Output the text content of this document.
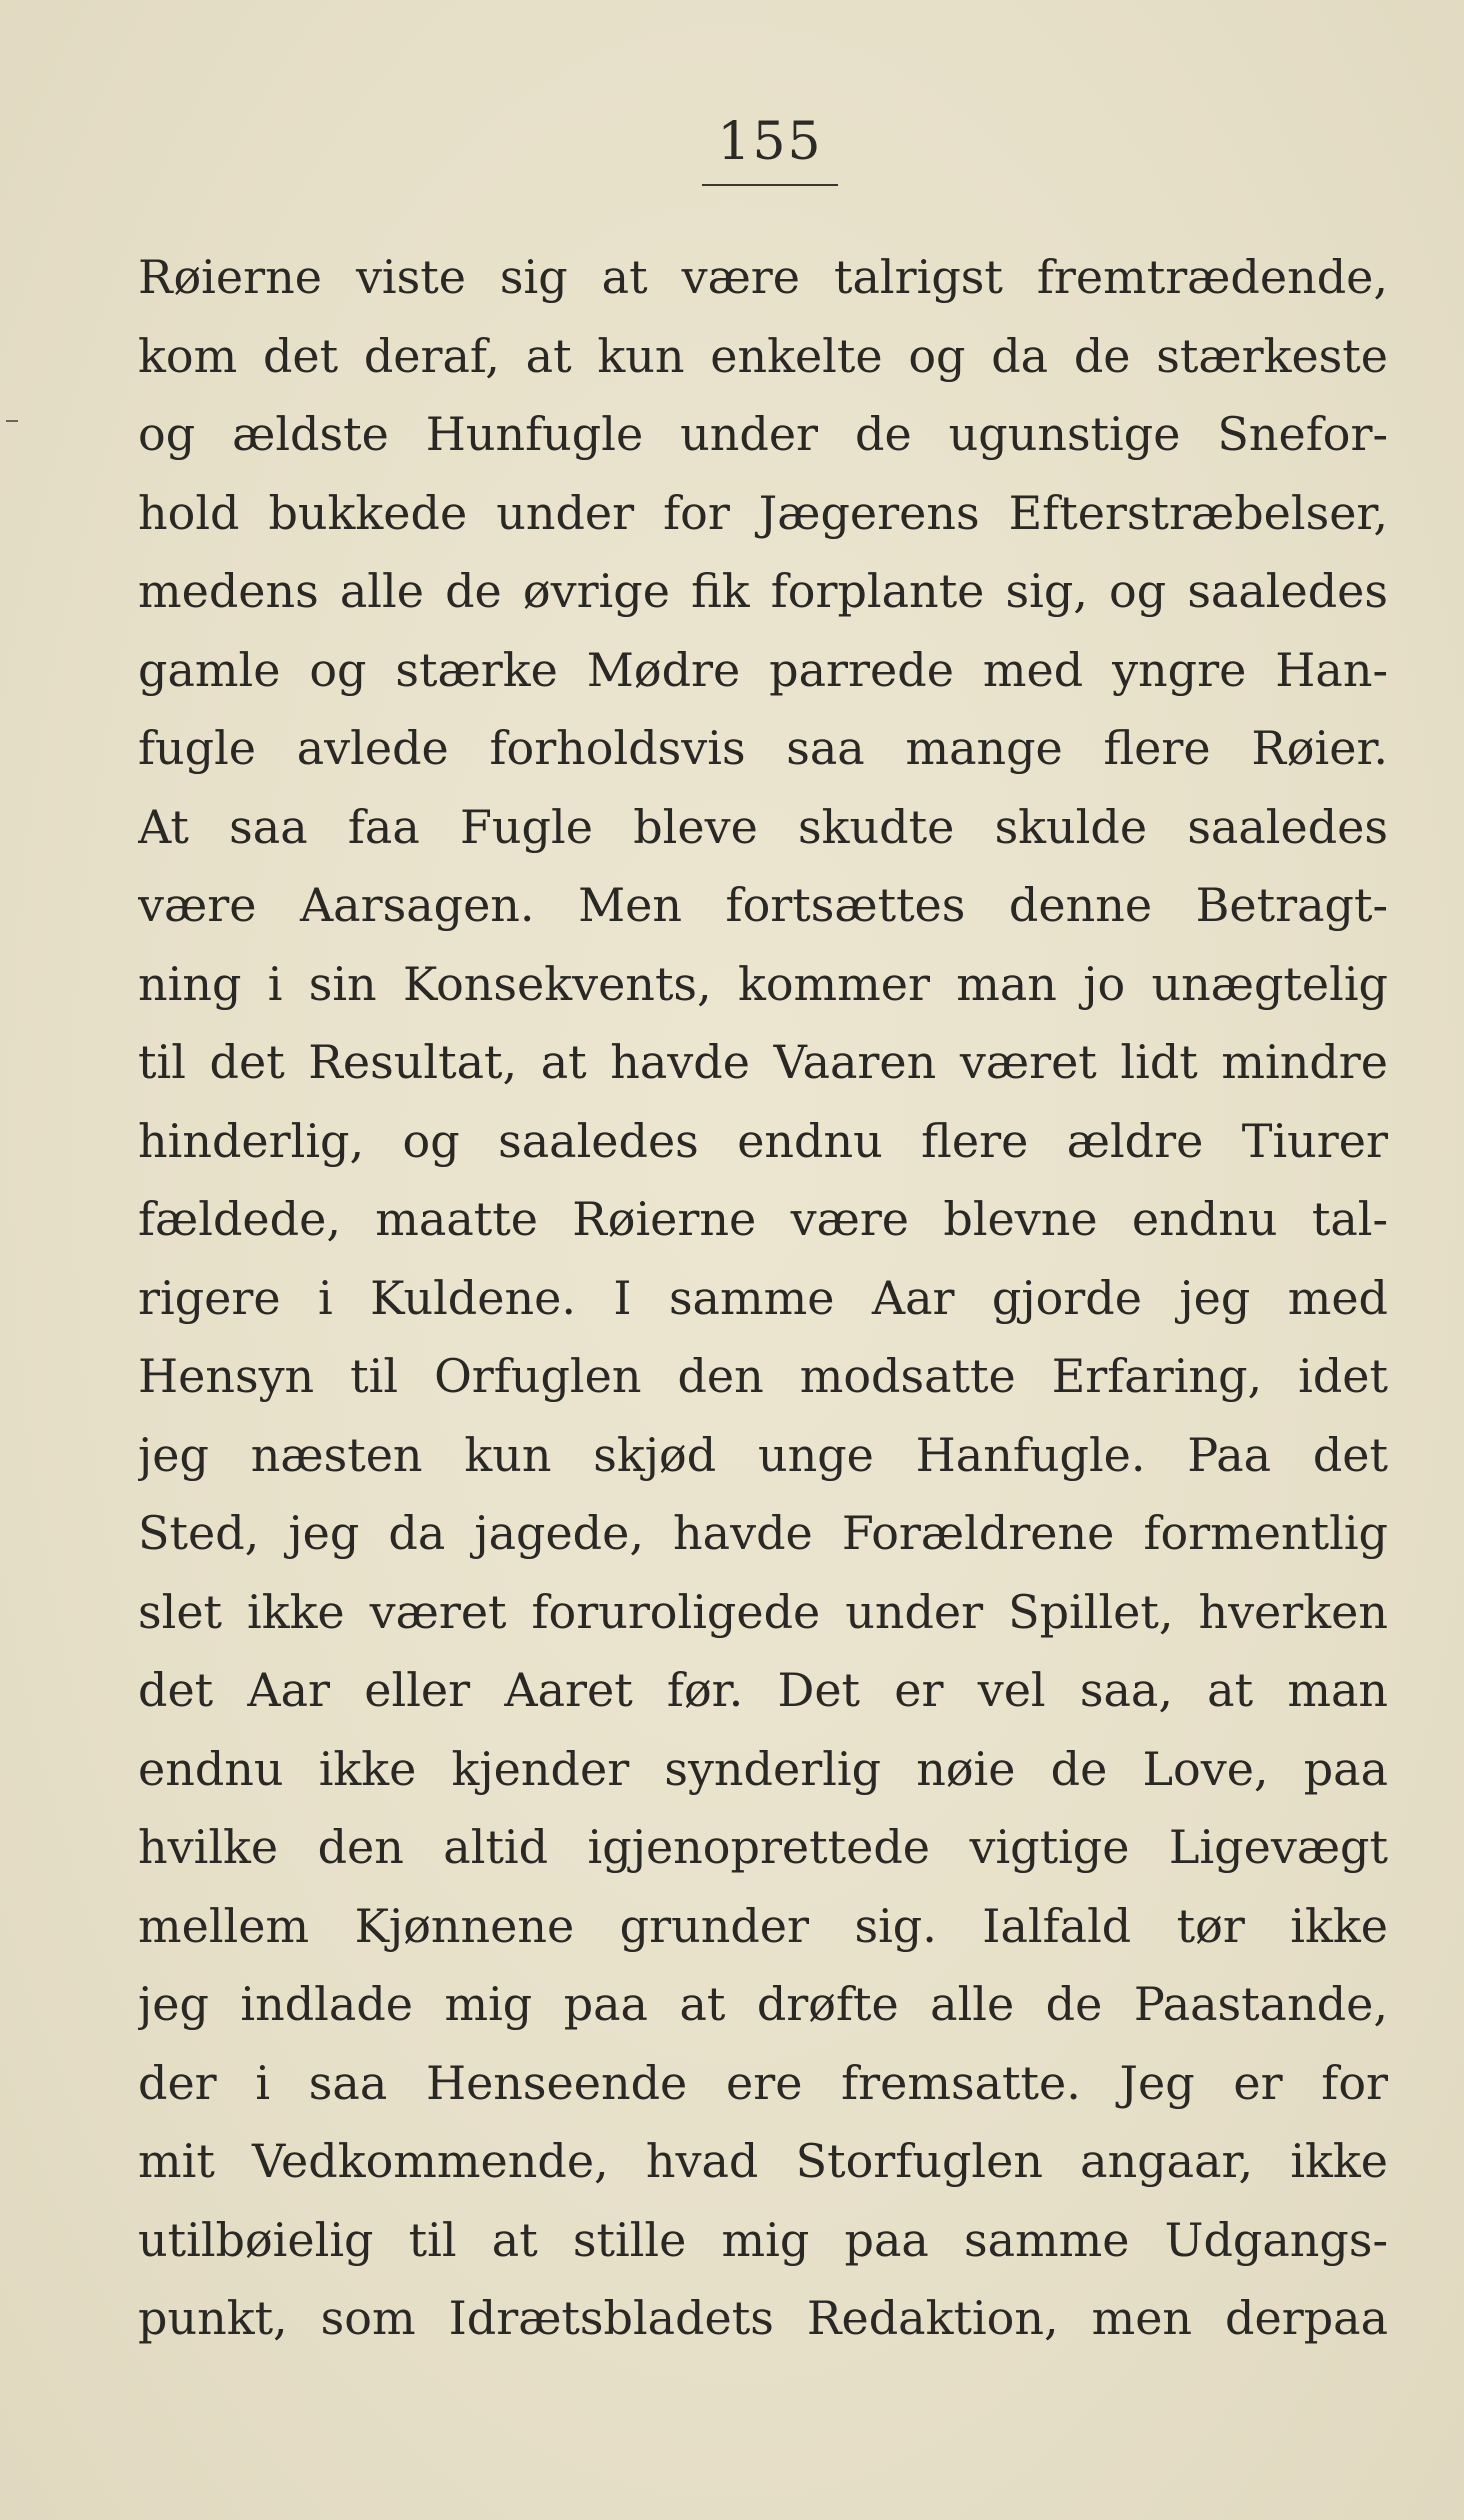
155
Røierne viste sig at være talrigst fremtrædende,
kom det deraf, at kun enkelte og da de stærkeste
og ældste Hunfugle under de ugunstige Snefor-
hold bukkede under for Jægerens Efterstræbelser,
medens alle de øvrige fik forplante sig, og saaledes
gamle og stærke Mødre parrede med yngre Han-
fugle avlede forholdsvis saa mange flere Røier.
At saa faa Fugle bleve skudte skulde saaledes
være Aarsagen. Men fortsættes denne Betragt-
ning i sin Konsekvents, kommer man jo unægtelig
til det Resultat, at havde Vaaren været lidt mindre
hinderlig, og saaledes endnu flere ældre Tiurer
fældede, maatte Røierne være blevne endnu tal-
rigere i Kuldene. I samme Aar gjorde jeg med
Hensyn til Orfuglen den modsatte Erfaring, idet
jeg næsten kun skjød unge Hanfugle. Paa det
Sted, jeg da jagede, havde Forældrene formentlig
slet ikke været foruroligede under Spillet, hverken
det Aar eller Aaret før. Det er vel saa, at man
endnu ikke kjender synderlig nøie de Love, paa
hvilke den altid igjenoprettede vigtige Ligevægt
mellem Kjønnene grunder sig. Ialfald tør ikke
jeg indlade mig paa at drøfte alle de Paastande,
der i saa Henseende ere fremsatte. Jeg er for
mit Vedkommende, hvad Storfuglen angaar, ikke
utilbøielig til at stille mig paa samme Udgangs-
punkt, som Idrætsbladets Redaktion, men derpaa
